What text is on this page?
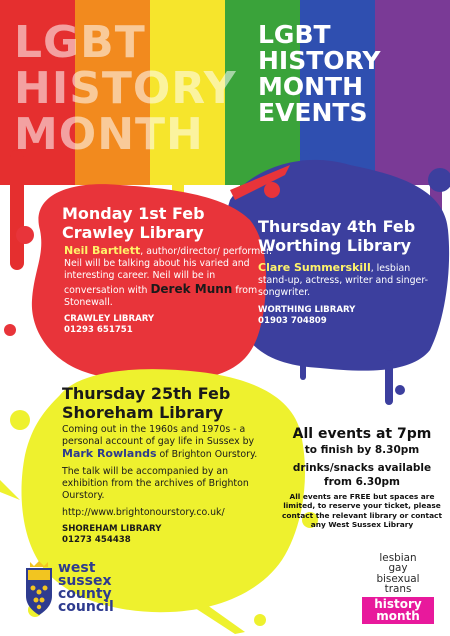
LGBT
HISTORY
MONTH
LGBT
HISTORY
MONTH
EVENTS
Monday 1st Feb
Crawley Library
Neil Bartlett, author/director/ performer. Neil will be talking about his varied and interesting career. Neil will be in conversation with Derek Munn from Stonewall.
CRAWLEY LIBRARY
01293 651751
Thursday 4th Feb
Worthing Library
Clare Summerskill, lesbian stand-up, actress, writer and singer-songwriter.
WORTHING LIBRARY
01903 704809
Thursday 25th Feb
Shoreham Library

Coming out in the 1960s and 1970s - a personal account of gay life in Sussex by Mark Rowlands of Brighton Ourstory.

The talk will be accompanied by an exhibition from the archives of Brighton Ourstory.

http://www.brightonourstory.co.uk/

SHOREHAM LIBRARY
01273 454438
All events at 7pm
to finish by 8.30pm
drinks/snacks available
from 6.30pm
All events are FREE but spaces are limited, to reserve your ticket, please contact the relevant library or contact any West Sussex Library
west
sussex
county
council
lesbian
gay
bisexual
trans
history month
